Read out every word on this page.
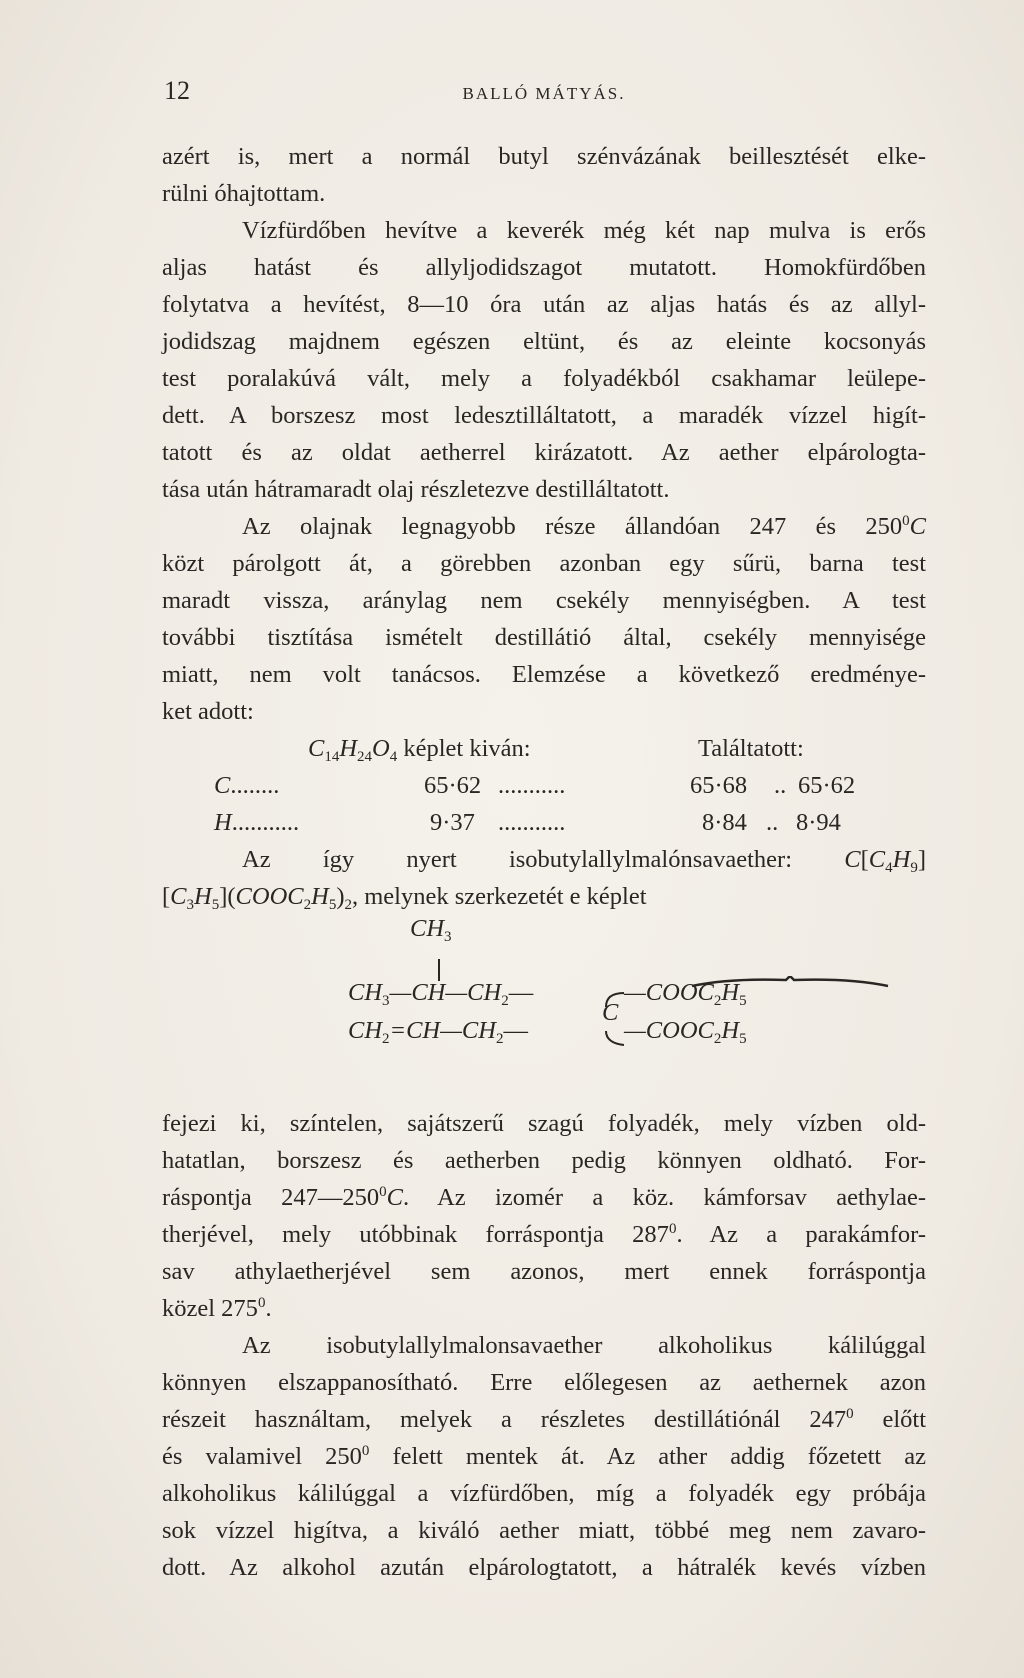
12	BALLÓ MÁTYÁS.
azért is, mert a normál butyl szénvázának beillesztését elke-
rülni óhajtottam.
Vízfürdőben hevítve a keverék még két nap mulva is erős
aljas hatást és allyljodidszagot mutatott. Homokfürdőben
folytatva a hevítést, 8—10 óra után az aljas hatás és az allyl-
jodidszag majdnem egészen eltünt, és az eleinte kocsonyás
test poralakúvá vált, mely a folyadékból csakhamar leülepe-
dett. A borszesz most ledesztilláltatott, a maradék vízzel higít-
tatott és az oldat aetherrel kirázatott. Az aether elpárologta-
tása után hátramaradt olaj részletezve destilláltatott.
Az olajnak legnagyobb része állandóan 247 és $250^0C$
közt párolgott át, a görebben azonban egy sűrü, barna test
maradt vissza, aránylag nem csekély mennyiségben. A test
további tisztítása ismételt destillátió által, csekély mennyisége
miatt, nem volt tanácsos. Elemzése a következő eredménye-
ket adott:
$C_{14}H_{24}O_4$ képlet kiván:	Találtatott:
C........	65·62 ...........	65·68 .. 65·62
H...........	9·37 ...........	8·84 .. 8·94
Az így nyert isobutylallylmalónsavaether: $C[C_4H_9]$
$[C_3H_5](COOC_2H_5)_2$, melynek szerkezetét e képlet
$CH_3$
$CH_3—CH—CH_2—$	$—COOC_2H_5$
$CH_2=CH—CH_2—$	$—COOC_2H_5$
C
fejezi ki, színtelen, sajátszerű szagú folyadék, mely vízben old-
hatatlan, borszesz és aetherben pedig könnyen oldható. For-
ráspontja $247—250^0C$. Az izomér a köz. kámforsav aethylae-
therjével, mely utóbbinak forráspontja $287^0$. Az a parakámfor-
sav athylaetherjével sem azonos, mert ennek forráspontja
közel $275^0$.
Az isobutylallylmalonsavaether alkoholikus kálilúggal
könnyen elszappanosítható. Erre előlegesen az aethernek azon
részeit használtam, melyek a részletes destillátiónál $247^0$ előtt
és valamivel $250^0$ felett mentek át. Az ather addig főzetett az
alkoholikus kálilúggal a vízfürdőben, míg a folyadék egy próbája
sok vízzel higítva, a kiváló aether miatt, többé meg nem zavaro-
dott. Az alkohol azután elpárologtatott, a hátralék kevés vízben
